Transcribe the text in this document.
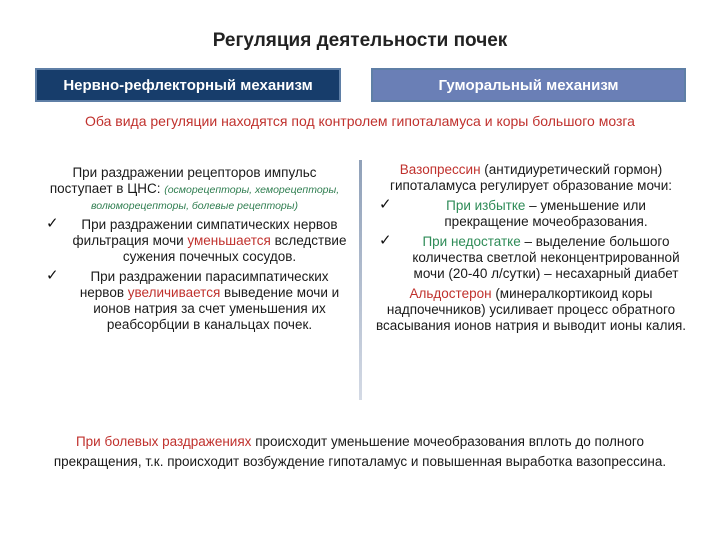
Регуляция деятельности почек
Нервно-рефлекторный механизм	Гуморальный механизм
Оба вида регуляции находятся под контролем гипоталамуса и коры большого мозга
При раздражении рецепторов импульс поступает в ЦНС: (осморецепторы, хеморецепторы, волюморецепторы, болевые рецепторы)
✓	При раздражении симпатических нервов фильтрация мочи уменьшается вследствие сужения почечных сосудов.
✓	При раздражении парасимпатических нервов увеличивается выведение мочи и ионов натрия за счет уменьшения их реабсорбции в канальцах почек.
Вазопрессин (антидиуретический гормон) гипоталамуса регулирует образование мочи:
✓	При избытке – уменьшение или прекращение мочеобразования.
✓	При недостатке – выделение большого количества светлой неконцентрированной мочи (20-40 л/сутки) – несахарный диабет
Альдостерон (минералкортикоид коры надпочечников) усиливает процесс обратного всасывания ионов натрия и выводит ионы калия.
При болевых раздражениях происходит уменьшение мочеобразования вплоть до полного прекращения, т.к. происходит возбуждение гипоталамус и повышенная выработка вазопрессина.
